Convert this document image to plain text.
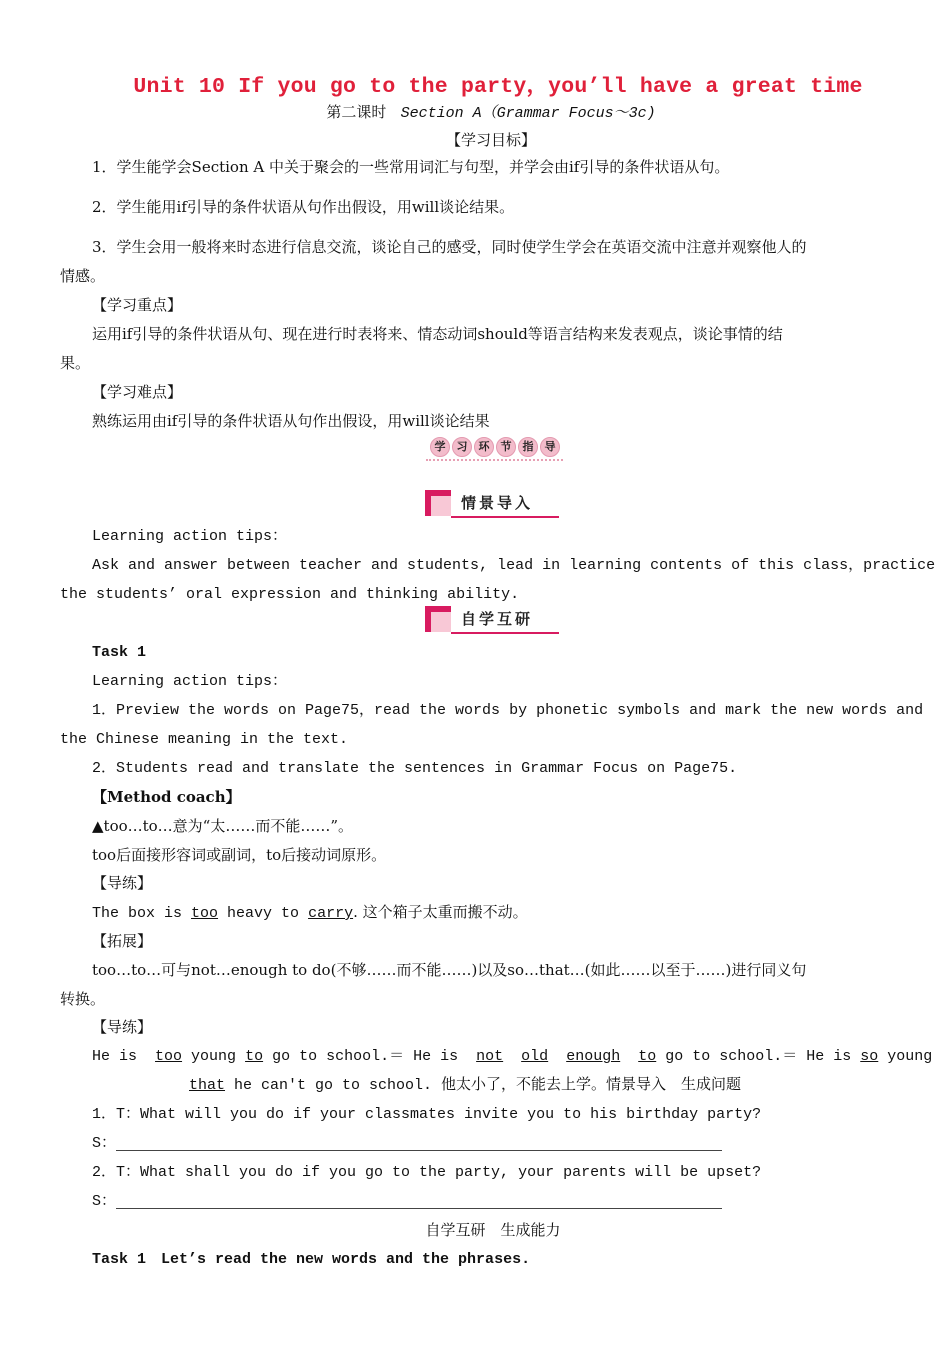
Unit 10 If you go to the party，you’ll have a great time
第二课时 Section A（Grammar Focus～3c)
【学习目标】
1．学生能学会Section A 中关于聚会的一些常用词汇与句型，并学会由if引导的条件状语从句。
2．学生能用if引导的条件状语从句作出假设，用will谈论结果。
3．学生会用一般将来时态进行信息交流，谈论自己的感受，同时使学生学会在英语交流中注意并观察他人的
情感。
【学习重点】
运用if引导的条件状语从句、现在进行时表将来、情态动词should等语言结构来发表观点，谈论事情的结
果。
【学习难点】
熟练运用由if引导的条件状语从句作出假设，用will谈论结果
学	习	环	节	指	导
情景导入
Learning action tips：
Ask and answer between teacher and students, lead in learning contents of this class，practice
the students’ oral expression and thinking ability.
自学互研
Task 1
Learning action tips：
1．Preview the words on Page75，read the words by phonetic symbols and mark the new words and
the Chinese meaning in the text.
2．Students read and translate the sentences in Grammar Focus on Page75.
【Method coach】
▲too…to…意为“太……而不能……”。
too后面接形容词或副词，to后接动词原形。
【导练】
The box is too heavy to carry. 这个箱子太重而搬不动。
【拓展】
too…to…可与not…enough to do(不够……而不能……)以及so…that…(如此……以至于……)进行同义句
转换。
【导练】
He is  too young to go to school.＝ He is  not old enough to go to school.＝ He is so young
that he can't go to school. 他太小了，不能去上学。情景导入　生成问题
1．T：What will you do if your classmates invite you to his birthday party?
S：
2．T：What shall you do if you go to the party, your parents will be upset?
S：
自学互研　生成能力
Task 1　Let’s read the new words and the phrases.
